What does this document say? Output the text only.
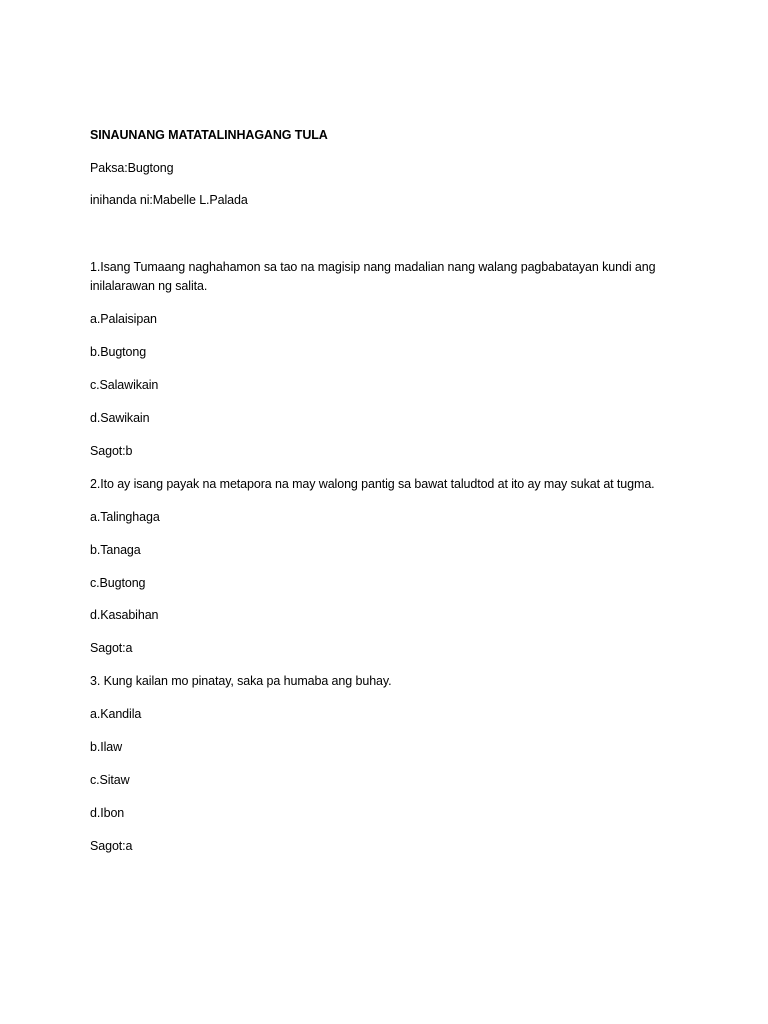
SINAUNANG MATATALINHAGANG TULA
Paksa:Bugtong
inihanda ni:Mabelle L.Palada
1.Isang Tumaang naghahamon sa tao na magisip nang madalian nang walang pagbabatayan kundi ang inilalarawan ng salita.
a.Palaisipan
b.Bugtong
c.Salawikain
d.Sawikain
Sagot:b
2.Ito ay isang payak na metapora na may walong pantig sa bawat taludtod at ito ay may sukat at tugma.
a.Talinghaga
b.Tanaga
c.Bugtong
d.Kasabihan
Sagot:a
3. Kung kailan mo pinatay, saka pa humaba ang buhay.
a.Kandila
b.Ilaw
c.Sitaw
d.Ibon
Sagot:a
